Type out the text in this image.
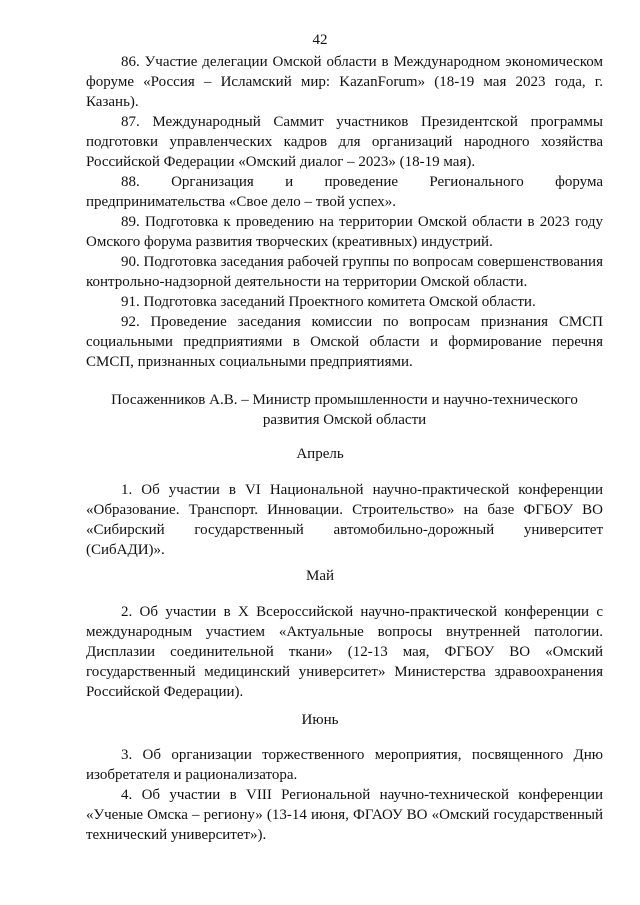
42

86. Участие делегации Омской области в Международном экономическом форуме «Россия – Исламский мир: KazanForum» (18-19 мая 2023 года, г. Казань).

87. Международный Саммит участников Президентской программы подготовки управленческих кадров для организаций народного хозяйства Российской Федерации «Омский диалог – 2023» (18-19 мая).

88. Организация и проведение Регионального форума предпринимательства «Свое дело – твой успех».

89. Подготовка к проведению на территории Омской области в 2023 году Омского форума развития творческих (креативных) индустрий.

90. Подготовка заседания рабочей группы по вопросам совершенствования контрольно-надзорной деятельности на территории Омской области.

91. Подготовка заседаний Проектного комитета Омской области.

92. Проведение заседания комиссии по вопросам признания СМСП социальными предприятиями в Омской области и формирование перечня СМСП, признанных социальными предприятиями.

Посаженников А.В. – Министр промышленности и научно-технического развития Омской области

Апрель

1. Об участии в VI Национальной научно-практической конференции «Образование. Транспорт. Инновации. Строительство» на базе ФГБОУ ВО «Сибирский государственный автомобильно-дорожный университет (СибАДИ)».

Май

2. Об участии в X Всероссийской научно-практической конференции с международным участием «Актуальные вопросы внутренней патологии. Дисплазии соединительной ткани» (12-13 мая, ФГБОУ ВО «Омский государственный медицинский университет» Министерства здравоохранения Российской Федерации).

Июнь

3. Об организации торжественного мероприятия, посвященного Дню изобретателя и рационализатора.

4. Об участии в VIII Региональной научно-технической конференции «Ученые Омска – региону» (13-14 июня, ФГАОУ ВО «Омский государственный технический университет»).
